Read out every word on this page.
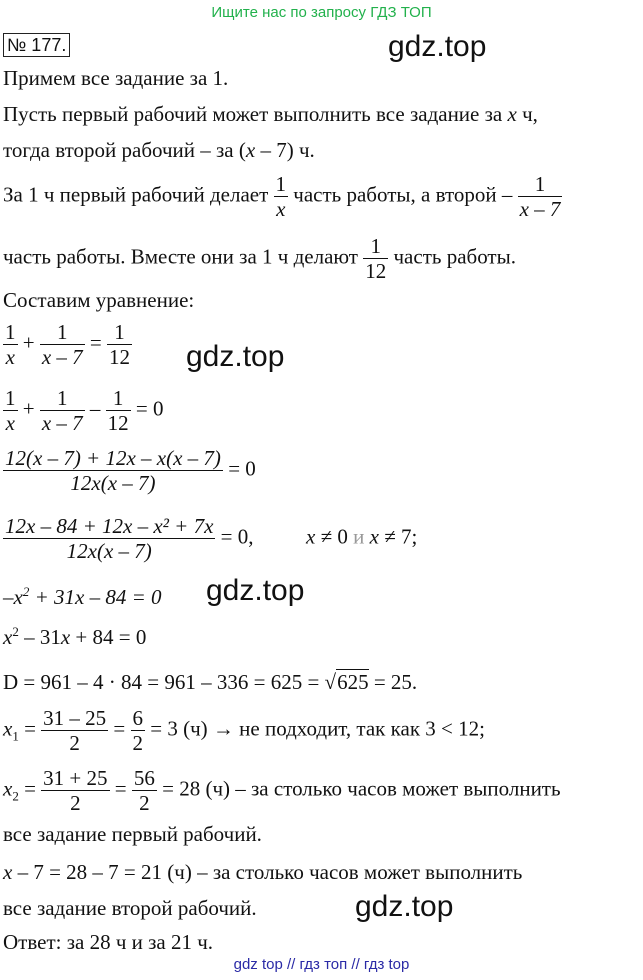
Ищите нас по запросу ГДЗ ТОП
№ 177.	gdz.top
gdz.top
gdz.top
gdz.top
Примем все задание за 1.
Пусть первый рабочий может выполнить все задание за x ч,
тогда второй рабочий – за (x – 7) ч.
За 1 ч первый рабочий делает $\frac{1}{x}$ часть работы, а второй – $\frac{1}{x - 7}$
часть работы. Вместе они за 1 ч делают $\frac{1}{12}$ часть работы.
Составим уравнение:
$\frac{1}{x} + \frac{1}{x - 7} = \frac{1}{12}$
$\frac{1}{x} + \frac{1}{x - 7} - \frac{1}{12} = 0$
$\frac{12(x - 7) + 12x - x(x - 7)}{12x(x - 7)} = 0$
$\frac{\text{12x – 84 + 12x – x² + 7x}}{12x(x - 7)} = 0$,	x ≠ 0 и x ≠ 7;
$-x^2 + 31x - 84 = 0$
$x^2 - 31x + 84 = 0$
D = 961 – 4 · 84 = 961 – 336 = 625 = √625 = 25.
$x_1 = \frac{31 - 25}{2} = \frac{6}{2} = 3$ (ч) → не подходит, так как 3 < 12;
$x_2 = \frac{31 + 25}{2} = \frac{56}{2} = 28$ (ч) – за столько часов может выполнить
все задание первый рабочий.
x – 7 = 28 – 7 = 21 (ч) – за столько часов может выполнить
все задание второй рабочий.
Ответ: за 28 ч и за 21 ч.
gdz top // гдз топ // гдз top
